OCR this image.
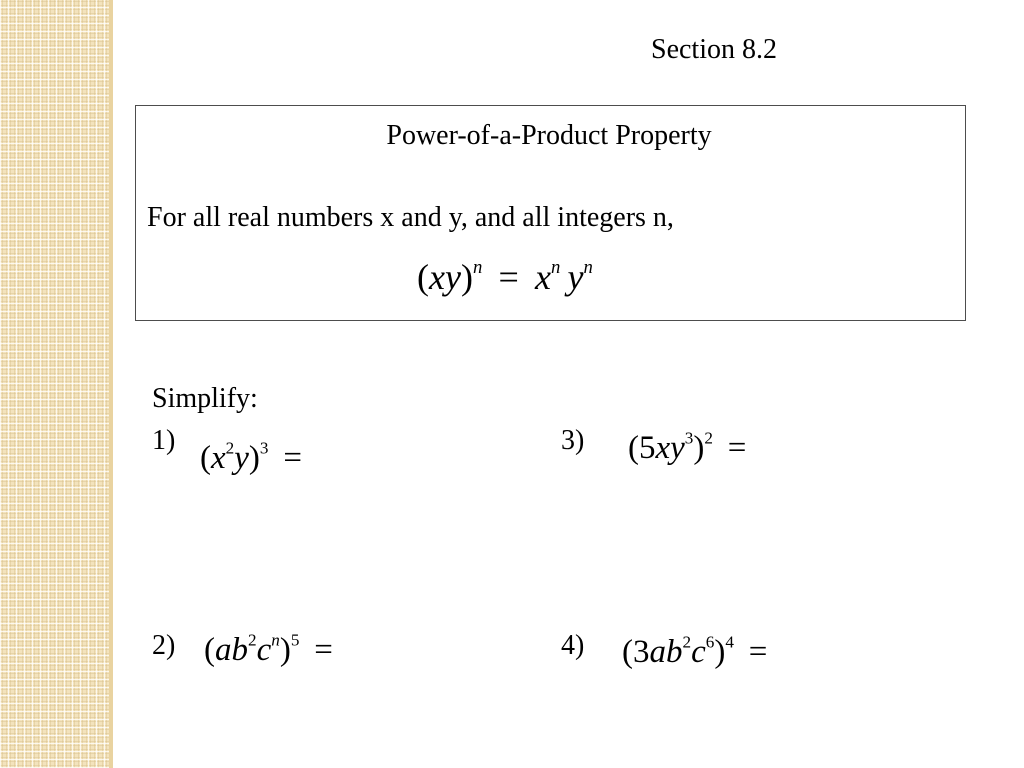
Section 8.2
Power-of-a-Product Property
For all real numbers x and y, and all integers n,
$(xy)^n = x^n$ $y^n$
Simplify:
1) $(x^2y)^3$ =
2) $(ab^2c^n)^5$ =
3) $(5xy^3)^2$ =
4) $(3ab^2c^6)^4$ =
